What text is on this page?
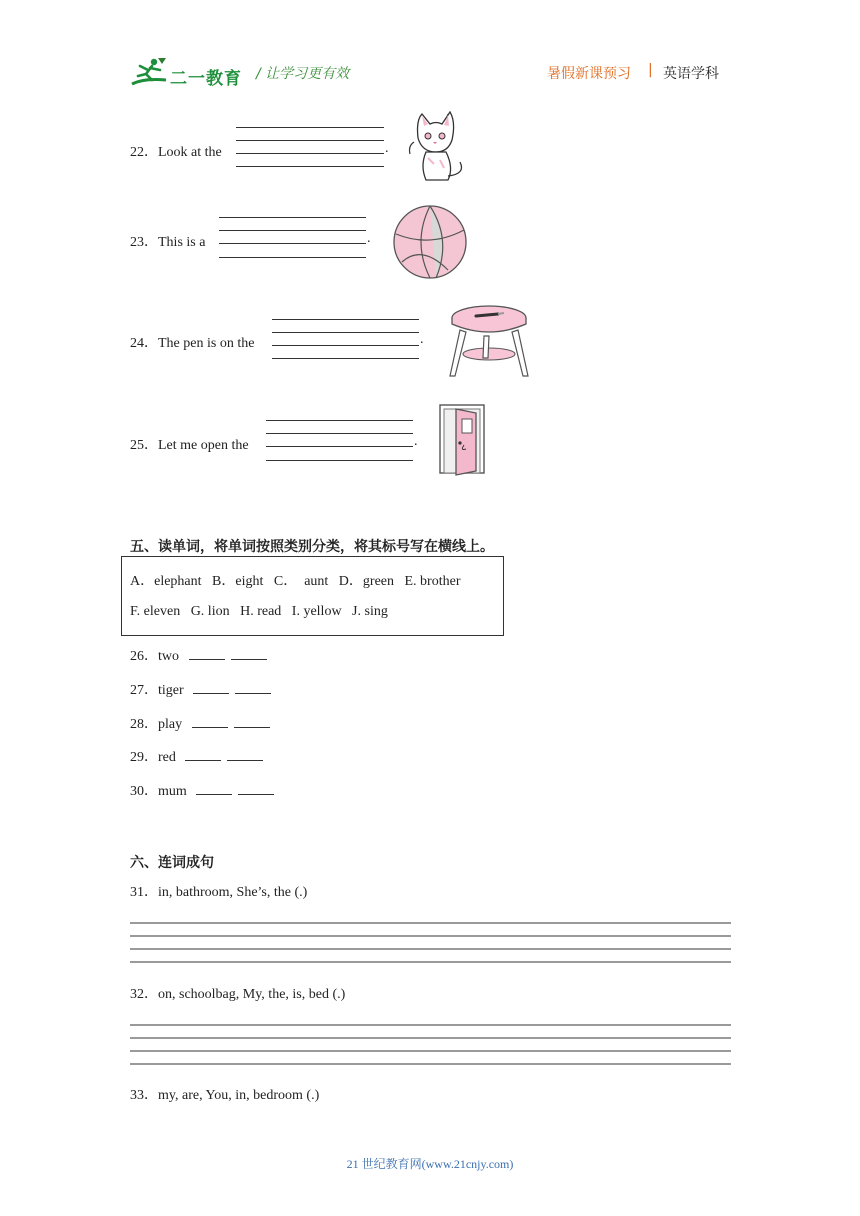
二一教育 / 让学习更有效	暑假新课预习 | 英语学科
22．Look at the	.
23．This is a	.
24．The pen is on the	.
25．Let me open the	.
五、读单词，将单词按照类别分类，将其标号写在横线上。
A．elephant   B．eight   C．  aunt   D．green   E. brother
F. eleven   G. lion   H. read   I. yellow   J. sing
26．two
27．tiger
28．play
29．red
30．mum
六、连词成句
31．in, bathroom, She’s, the (.)
32．on, schoolbag, My, the, is, bed (.)
33．my, are, You, in, bedroom (.)
21 世纪教育网(www.21cnjy.com)
